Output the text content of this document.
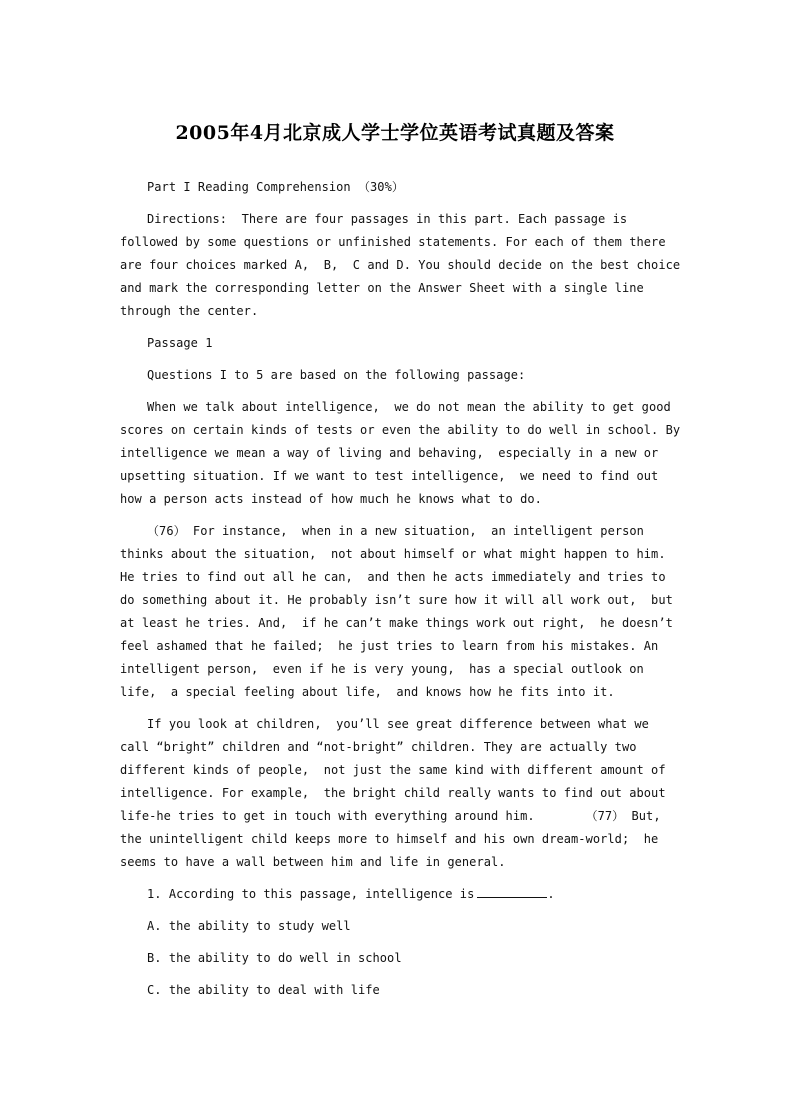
2005年4月北京成人学士学位英语考试真题及答案
Part I Reading Comprehension （30%）
Directions:  There are four passages in this part. Each passage is
followed by some questions or unfinished statements. For each of them there
are four choices marked A,  B,  C and D. You should decide on the best choice
and mark the corresponding letter on the Answer Sheet with a single line
through the center.
Passage 1
Questions I to 5 are based on the following passage:
When we talk about intelligence,  we do not mean the ability to get good
scores on certain kinds of tests or even the ability to do well in school. By
intelligence we mean a way of living and behaving,  especially in a new or
upsetting situation. If we want to test intelligence,  we need to find out
how a person acts instead of how much he knows what to do.
（76） For instance,  when in a new situation,  an intelligent person
thinks about the situation,  not about himself or what might happen to him.
He tries to find out all he can,  and then he acts immediately and tries to
do something about it. He probably isn’t sure how it will all work out,  but
at least he tries. And,  if he can’t make things work out right,  he doesn’t
feel ashamed that he failed;  he just tries to learn from his mistakes. An
intelligent person,  even if he is very young,  has a special outlook on
life,  a special feeling about life,  and knows how he fits into it.
If you look at children,  you’ll see great difference between what we
call “bright” children and “not-bright” children. They are actually two
different kinds of people,  not just the same kind with different amount of
intelligence. For example,  the bright child really wants to find out about
life-he tries to get in touch with everything around him.       （77） But,
the unintelligent child keeps more to himself and his own dream-world;  he
seems to have a wall between him and life in general.
1. According to this passage, intelligence is	.
A. the ability to study well
B. the ability to do well in school
C. the ability to deal with life
